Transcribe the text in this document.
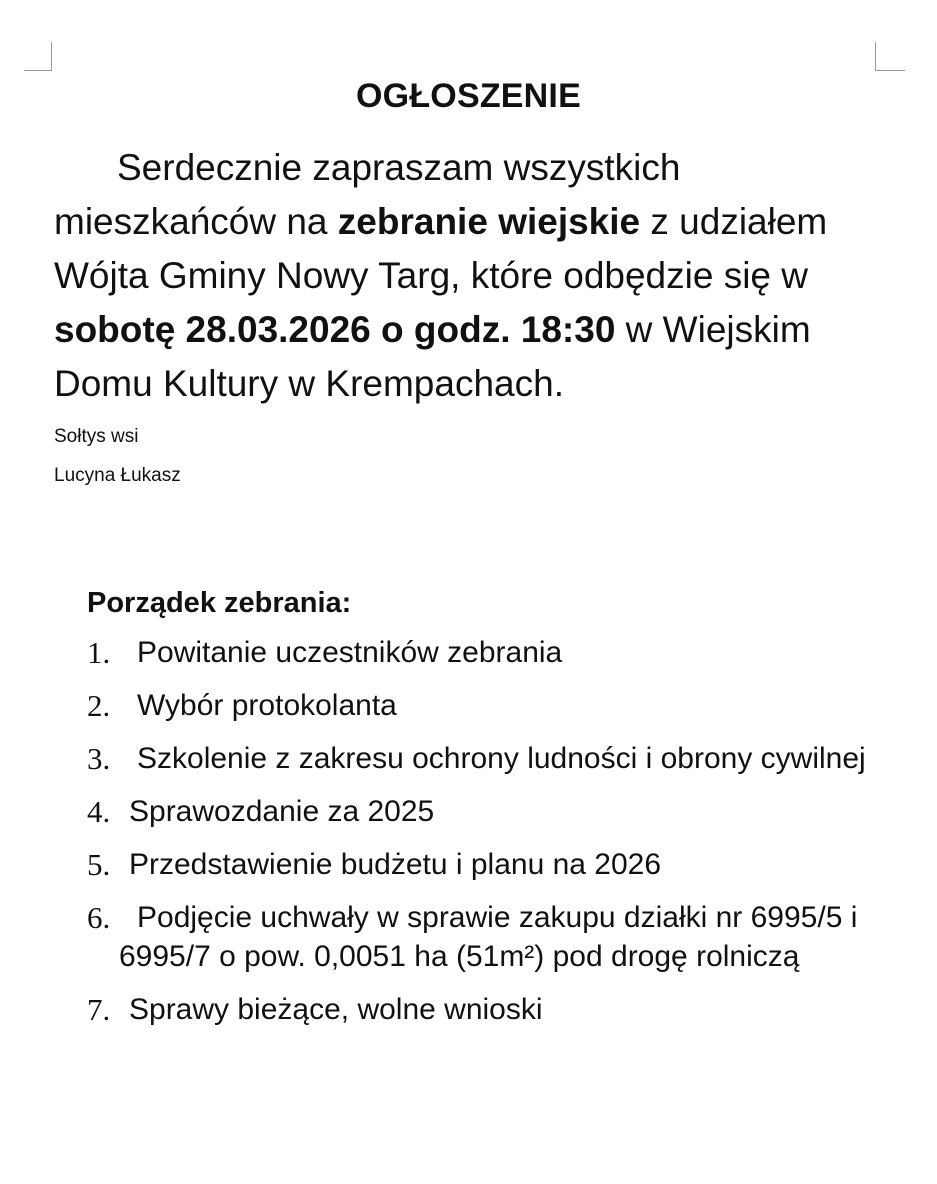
OGŁOSZENIE

Serdecznie zapraszam wszystkich mieszkańców na zebranie wiejskie z udziałem Wójta Gminy Nowy Targ, które odbędzie się w sobotę 28.03.2026 o godz. 18:30 w Wiejskim Domu Kultury w Krempachach.

Sołtys wsi
Lucyna Łukasz
Porządek zebrania:
1. Powitanie uczestników zebrania
2. Wybór protokolanta
3. Szkolenie z zakresu ochrony ludności i obrony cywilnej
4. Sprawozdanie za 2025
5. Przedstawienie budżetu i planu na 2026
6. Podjęcie uchwały w sprawie zakupu działki nr 6995/5 i 6995/7 o pow. 0,0051 ha (51m²) pod drogę rolniczą
7. Sprawy bieżące, wolne wnioski
